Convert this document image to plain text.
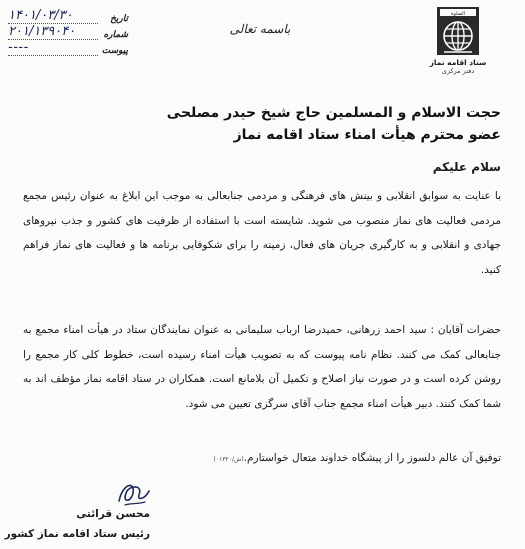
تاریخ
۱۴۰۱/۰۳/۳۰
شماره
۲۰۱/۱۳۹۰۴۰
پیوست
----
باسمه تعالی
الصلوة
ستاد اقامه نماز
دفتر مرکزی
حجت الاسلام و المسلمین حاج شیخ حیدر مصلحی
عضو محترم هیأت امناء ستاد اقامه نماز
سلام علیکم
با عنایت به سوابق انقلابی و بینش های فرهنگی و مردمی جنابعالی به موجب این ابلاغ به عنوان رئیس مجمع مردمی فعالیت های نماز منصوب می شوید. شایسته است با استفاده از ظرفیت های کشور و جذب نیروهای جهادی و انقلابی و به کارگیری جریان های فعال، زمینه را برای شکوفایی برنامه ها و فعالیت های نماز فراهم کنید.
حضرات آقایان : سید احمد زرهانی، حمیدرضا ارباب سلیمانی به عنوان نمایندگان ستاد در هیأت امناء مجمع به جنابعالی کمک می کنند. نظام نامه پیوست که به تصویب هیأت امناء رسیده است، خطوط کلی کار مجمع را روشن کرده است و در صورت نیاز اصلاح و تکمیل آن بلامانع است. همکاران در ستاد اقامه نماز مؤظف اند به شما کمک کنند. دبیر هیأت امناء مجمع جناب آقای سرگزی تعیین می شود.
توفیق آن عالم دلسوز را از پیشگاه خداوند متعال خواستارم.(ش/۰۱۳۲۰)
محسن قرائتی
رئیس ستاد اقامه نماز کشور
